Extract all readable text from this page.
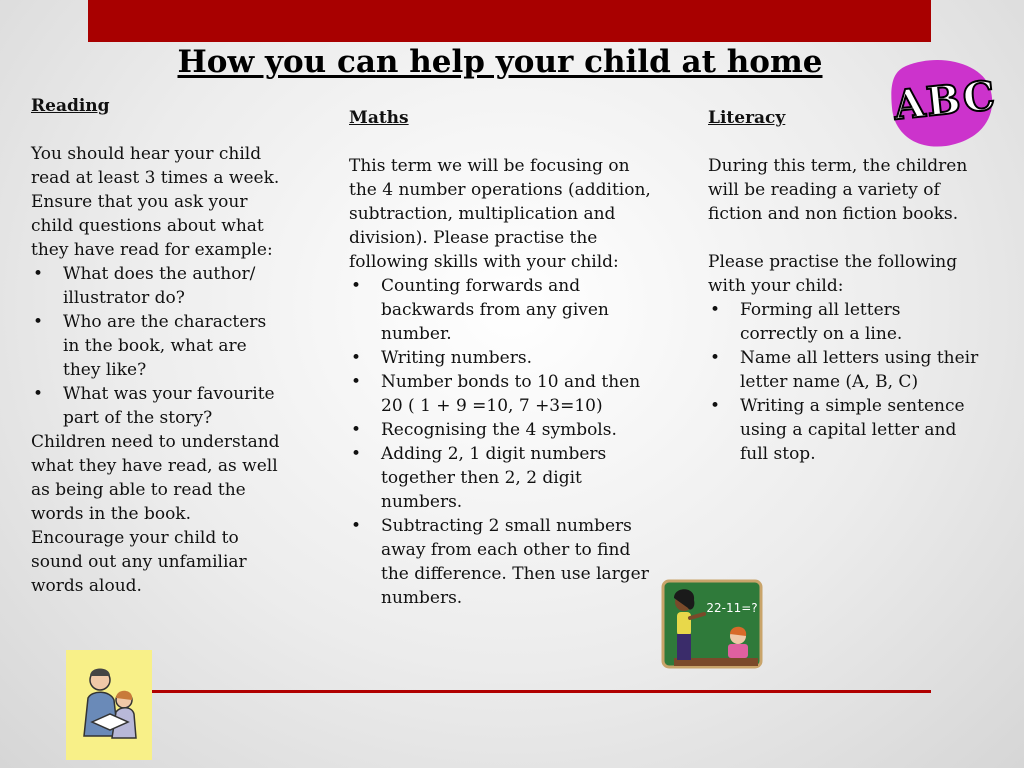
How you can help your child at home
ABC
Reading

You should hear your child read at least 3 times a week. Ensure that you ask your child questions about what they have read for example:

• What does the author/ illustrator do?
• Who are the characters in the book, what are they like?
• What was your favourite part of the story?

Children need to understand what they have read, as well as being able to read the words in the book. Encourage your child to sound out any unfamiliar words aloud.

Maths

This term we will be focusing on the 4 number operations (addition, subtraction, multiplication and division). Please practise the following skills with your child:

• Counting forwards and backwards from any given number.
• Writing numbers.
• Number bonds to 10 and then 20 ( 1 + 9 =10, 7 +3=10)
• Recognising the 4 symbols.
• Adding 2, 1 digit numbers together then 2, 2 digit numbers.
• Subtracting 2 small numbers away from each other to find the difference. Then use larger numbers.
Literacy

During this term, the children will be reading a variety of fiction and non fiction books.

Please practise the following with your child:

• Forming all letters correctly on a line.
• Name all letters using their letter name (A, B, C)
• Writing a simple sentence using a capital letter and full stop.
22-11=?
